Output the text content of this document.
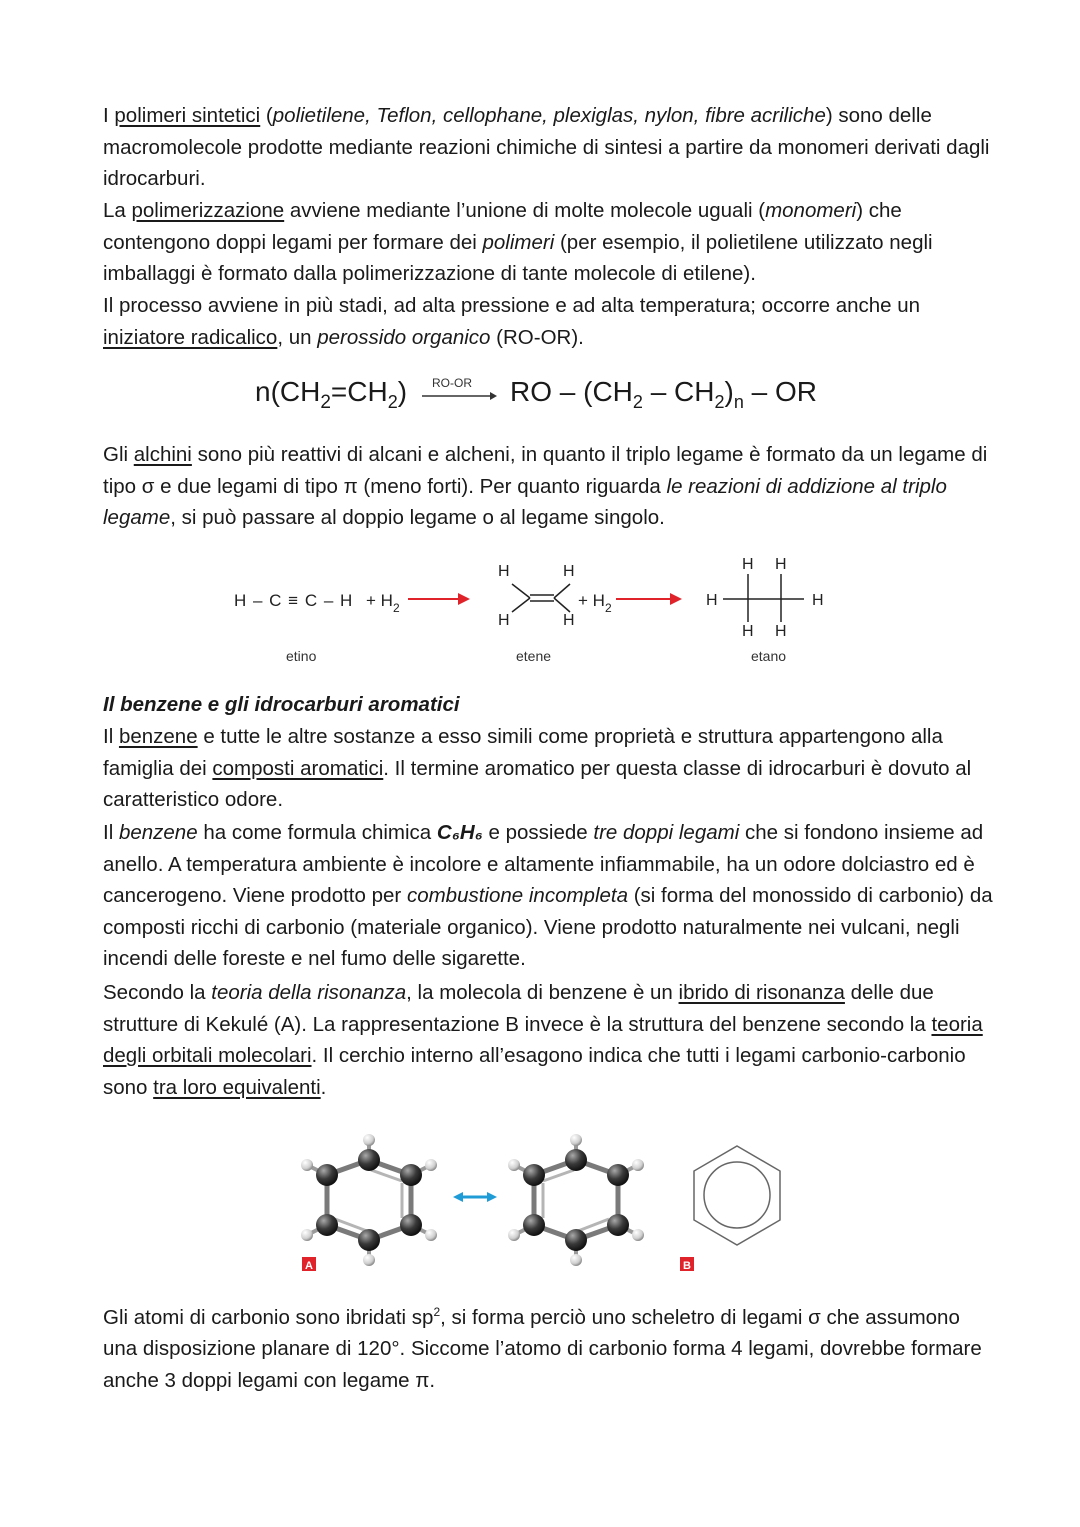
I polimeri sintetici (polietilene, Teflon, cellophane, plexiglas, nylon, fibre acriliche) sono delle macromolecole prodotte mediante reazioni chimiche di sintesi a partire da monomeri derivati dagli idrocarburi.

La polimerizzazione avviene mediante l’unione di molte molecole uguali (monomeri) che contengono doppi legami per formare dei polimeri (per esempio, il polietilene utilizzato negli imballaggi è formato dalla polimerizzazione di tante molecole di etilene).

Il processo avviene in più stadi, ad alta pressione e ad alta temperatura; occorre anche un iniziatore radicalico, un perossido organico (RO-OR).

$n(CH_2=CH_2)$ RO-OR RO – $(CH_2 - CH_2)_n$ – OR

Gli alchini sono più reattivi di alcani e alcheni, in quanto il triplo legame è formato da un legame di tipo σ e due legami di tipo π (meno forti). Per quanto riguarda le reazioni di addizione al triplo legame, si può passare al doppio legame o al legame singolo.

$H - C \equiv C - H + H_2$
H	H
H	H
+ $H_2$	H	H
H H
H H
etino	etene	etano

Il benzene e gli idrocarburi aromatici

Il benzene e tutte le altre sostanze a esso simili come proprietà e struttura appartengono alla famiglia dei composti aromatici. Il termine aromatico per questa classe di idrocarburi è dovuto al caratteristico odore.

Il benzene ha come formula chimica C₆H₆ e possiede tre doppi legami che si fondono insieme ad anello. A temperatura ambiente è incolore e altamente infiammabile, ha un odore dolciastro ed è cancerogeno. Viene prodotto per combustione incompleta (si forma del monossido di carbonio) da composti ricchi di carbonio (materiale organico). Viene prodotto naturalmente nei vulcani, negli incendi delle foreste e nel fumo delle sigarette.

Secondo la teoria della risonanza, la molecola di benzene è un ibrido di risonanza delle due strutture di Kekulé (A). La rappresentazione B invece è la struttura del benzene secondo la teoria degli orbitali molecolari. Il cerchio interno all’esagono indica che tutti i legami carbonio-carbonio sono tra loro equivalenti.

A	B

Gli atomi di carbonio sono ibridati $sp^2$, si forma perciò uno scheletro di legami σ che assumono una disposizione planare di 120°. Siccome l’atomo di carbonio forma 4 legami, dovrebbe formare anche 3 doppi legami con legame π.
